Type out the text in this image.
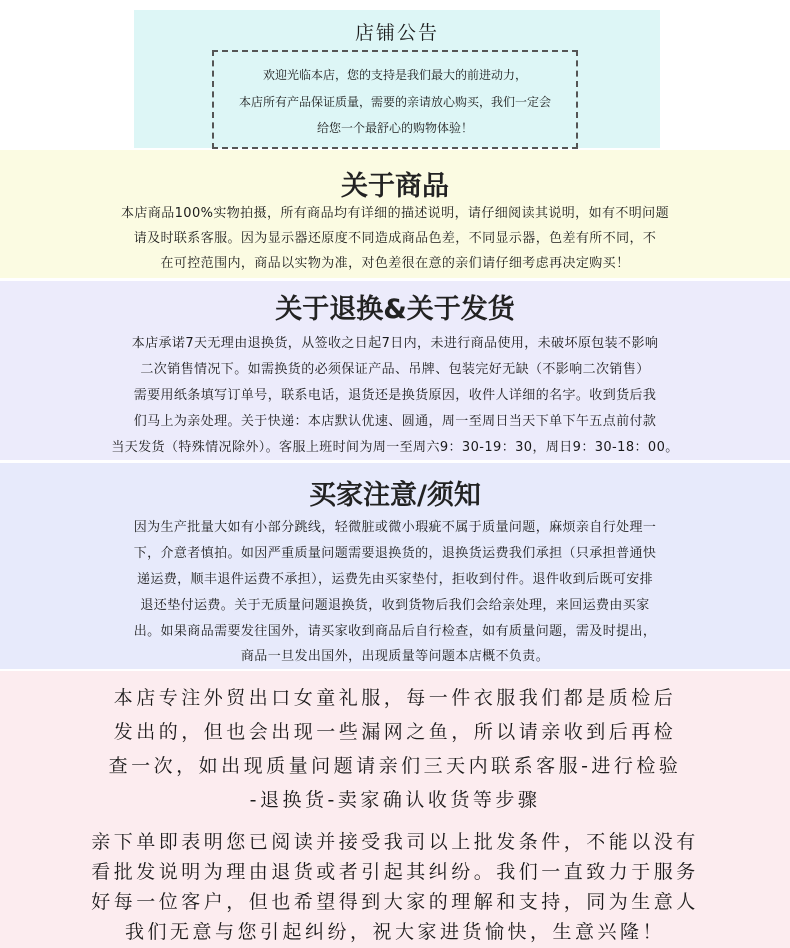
店铺公告
欢迎光临本店，您的支持是我们最大的前进动力，
本店所有产品保证质量，需要的亲请放心购买，我们一定会
给您一个最舒心的购物体验！
关于商品
本店商品100%实物拍摄，所有商品均有详细的描述说明，请仔细阅读其说明，如有不明问题
请及时联系客服。因为显示器还原度不同造成商品色差，不同显示器，色差有所不同，不
在可控范围内，商品以实物为准，对色差很在意的亲们请仔细考虑再决定购买！
关于退换&关于发货
本店承诺7天无理由退换货，从签收之日起7日内，未进行商品使用，未破坏原包装不影响
二次销售情况下。如需换货的必须保证产品、吊牌、包装完好无缺（不影响二次销售）
需要用纸条填写订单号，联系电话，退货还是换货原因，收件人详细的名字。收到货后我
们马上为亲处理。关于快递：本店默认优速、圆通，周一至周日当天下单下午五点前付款
当天发货（特殊情况除外）。客服上班时间为周一至周六9：30-19：30，周日9：30-18：00。
买家注意/须知
因为生产批量大如有小部分跳线，轻微脏或微小瑕疵不属于质量问题，麻烦亲自行处理一
下，介意者慎拍。如因严重质量问题需要退换货的，退换货运费我们承担（只承担普通快
递运费，顺丰退件运费不承担），运费先由买家垫付，拒收到付件。退件收到后既可安排
退还垫付运费。关于无质量问题退换货，收到货物后我们会给亲处理，来回运费由买家
出。如果商品需要发往国外，请买家收到商品后自行检查，如有质量问题，需及时提出，
商品一旦发出国外，出现质量等问题本店概不负责。
本店专注外贸出口女童礼服，每一件衣服我们都是质检后
发出的，但也会出现一些漏网之鱼，所以请亲收到后再检
查一次，如出现质量问题请亲们三天内联系客服-进行检验
-退换货-卖家确认收货等步骤
亲下单即表明您已阅读并接受我司以上批发条件，不能以没有
看批发说明为理由退货或者引起其纠纷。我们一直致力于服务
好每一位客户，但也希望得到大家的理解和支持，同为生意人
我们无意与您引起纠纷，祝大家进货愉快，生意兴隆！
